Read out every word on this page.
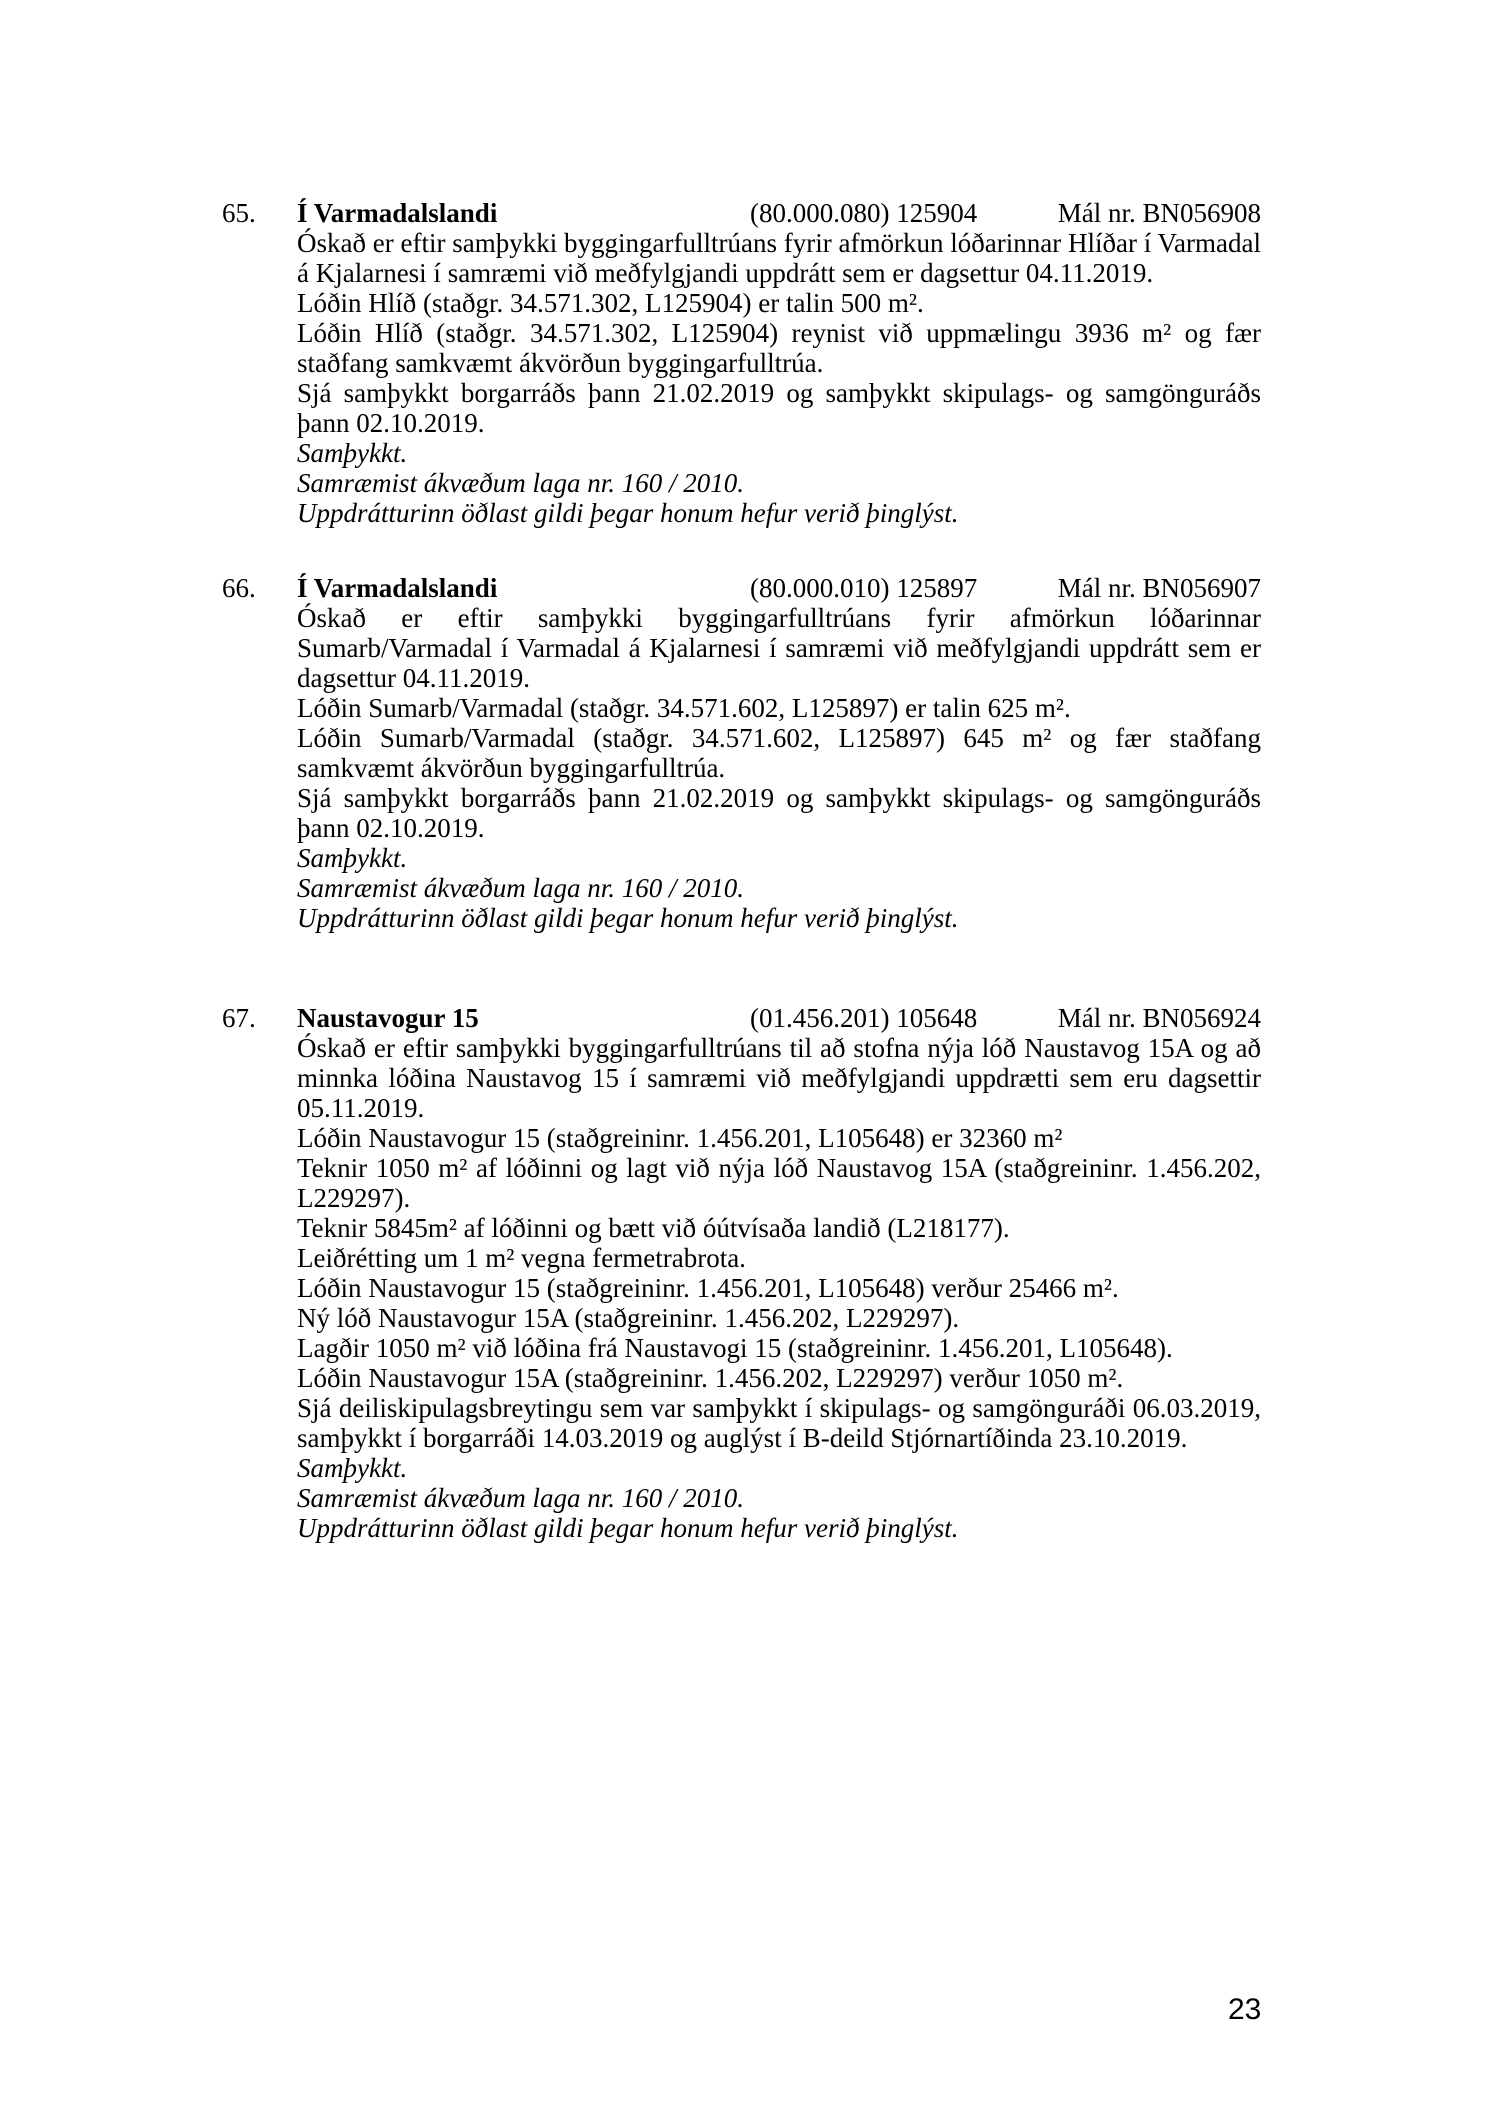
65. Í Varmadalslandi	(80.000.080) 125904	Mál nr. BN056908

Óskað er eftir samþykki byggingarfulltrúans fyrir afmörkun lóðarinnar Hlíðar í Varmadal á Kjalarnesi í samræmi við meðfylgjandi uppdrátt sem er dagsettur 04.11.2019.

Lóðin Hlíð (staðgr. 34.571.302, L125904) er talin 500 m².

Lóðin Hlíð (staðgr. 34.571.302, L125904) reynist við uppmælingu 3936 m² og fær staðfang samkvæmt ákvörðun byggingarfulltrúa.

Sjá samþykkt borgarráðs þann 21.02.2019 og samþykkt skipulags- og samgönguráðs þann 02.10.2019.

Samþykkt.

Samræmist ákvæðum laga nr. 160 / 2010.

Uppdrátturinn öðlast gildi þegar honum hefur verið þinglýst.

66. Í Varmadalslandi	(80.000.010) 125897	Mál nr. BN056907

Óskað er eftir samþykki byggingarfulltrúans fyrir afmörkun lóðarinnar Sumarb/Varmadal í Varmadal á Kjalarnesi í samræmi við meðfylgjandi uppdrátt sem er dagsettur 04.11.2019.

Lóðin Sumarb/Varmadal (staðgr. 34.571.602, L125897) er talin 625 m².

Lóðin Sumarb/Varmadal (staðgr. 34.571.602, L125897) 645 m² og fær staðfang samkvæmt ákvörðun byggingarfulltrúa.

Sjá samþykkt borgarráðs þann 21.02.2019 og samþykkt skipulags- og samgönguráðs þann 02.10.2019.

Samþykkt.

Samræmist ákvæðum laga nr. 160 / 2010.

Uppdrátturinn öðlast gildi þegar honum hefur verið þinglýst.

67. Naustavogur 15	(01.456.201) 105648	Mál nr. BN056924

Óskað er eftir samþykki byggingarfulltrúans til að stofna nýja lóð Naustavog 15A og að minnka lóðina Naustavog 15 í samræmi við meðfylgjandi uppdrætti sem eru dagsettir 05.11.2019.

Lóðin Naustavogur 15 (staðgreininr. 1.456.201, L105648) er 32360 m²

Teknir 1050 m² af lóðinni og lagt við nýja lóð Naustavog 15A (staðgreininr. 1.456.202, L229297).

Teknir 5845m² af lóðinni og bætt við óútvísaða landið (L218177).

Leiðrétting um 1 m² vegna fermetrabrota.

Lóðin Naustavogur 15 (staðgreininr. 1.456.201, L105648) verður 25466 m².

Ný lóð Naustavogur 15A (staðgreininr. 1.456.202, L229297).

Lagðir 1050 m² við lóðina frá Naustavogi 15 (staðgreininr. 1.456.201, L105648).

Lóðin Naustavogur 15A (staðgreininr. 1.456.202, L229297) verður 1050 m².

Sjá deiliskipulagsbreytingu sem var samþykkt í skipulags- og samgönguráði 06.03.2019, samþykkt í borgarráði 14.03.2019 og auglýst í B-deild Stjórnartíðinda 23.10.2019.

Samþykkt.

Samræmist ákvæðum laga nr. 160 / 2010.

Uppdrátturinn öðlast gildi þegar honum hefur verið þinglýst.

23
